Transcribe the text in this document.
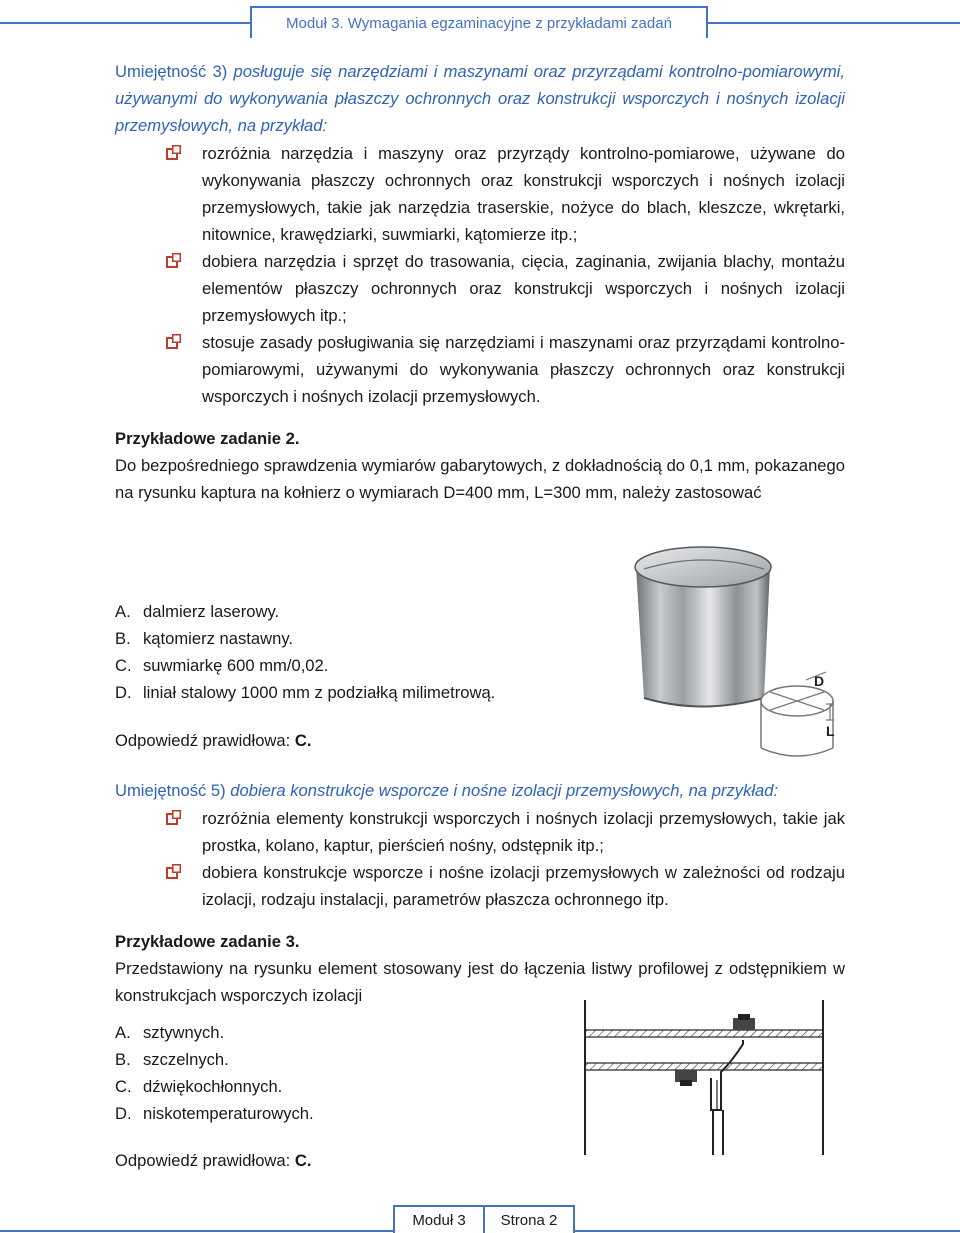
Moduł 3. Wymagania egzaminacyjne z przykładami zadań
Umiejętność 3) posługuje się narzędziami i maszynami oraz przyrządami kontrolno-pomiarowymi, używanymi do wykonywania płaszczy ochronnych oraz konstrukcji wsporczych i nośnych izolacji przemysłowych, na przykład:
rozróżnia narzędzia i maszyny oraz przyrządy kontrolno-pomiarowe, używane do wykonywania płaszczy ochronnych oraz konstrukcji wsporczych i nośnych izolacji przemysłowych, takie jak narzędzia traserskie, nożyce do blach, kleszcze, wkrętarki, nitownice, krawędziarki, suwmiarki, kątomierze itp.;
dobiera narzędzia i sprzęt do trasowania, cięcia, zaginania, zwijania blachy, montażu elementów płaszczy ochronnych oraz konstrukcji wsporczych i nośnych izolacji przemysłowych itp.;
stosuje zasady posługiwania się narzędziami i maszynami oraz przyrządami kontrolno-pomiarowymi, używanymi do wykonywania płaszczy ochronnych oraz konstrukcji wsporczych i nośnych izolacji przemysłowych.
Przykładowe zadanie 2.
Do bezpośredniego sprawdzenia wymiarów gabarytowych, z dokładnością do 0,1 mm, pokazanego na rysunku kaptura na kołnierz o wymiarach D=400 mm, L=300 mm, należy zastosować
A. dalmierz laserowy.
B. kątomierz nastawny.
C. suwmiarkę 600 mm/0,02.
D. liniał stalowy 1000 mm z podziałką milimetrową.
Odpowiedź prawidłowa: C.
D
L
Umiejętność 5) dobiera konstrukcje wsporcze i nośne izolacji przemysłowych, na przykład:
rozróżnia elementy konstrukcji wsporczych i nośnych izolacji przemysłowych, takie jak prostka, kolano, kaptur, pierścień nośny, odstępnik itp.;
dobiera konstrukcje wsporcze i nośne izolacji przemysłowych w zależności od rodzaju izolacji, rodzaju instalacji, parametrów płaszcza ochronnego itp.
Przykładowe zadanie 3.
Przedstawiony na rysunku element stosowany jest do łączenia listwy profilowej z odstępnikiem w konstrukcjach wsporczych izolacji
A. sztywnych.
B. szczelnych.
C. dźwiękochłonnych.
D. niskotemperaturowych.
Odpowiedź prawidłowa: C.
Moduł 3 Strona 2
